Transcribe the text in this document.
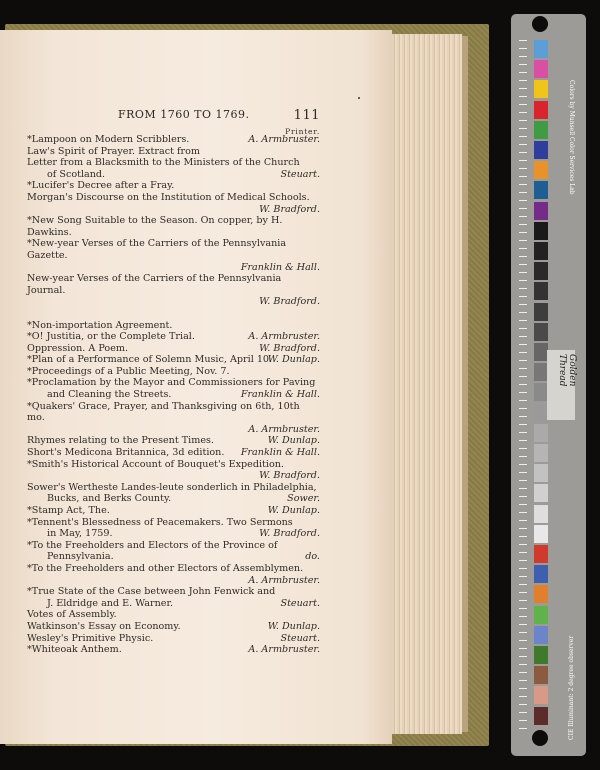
FROM 1760 TO 1769.	111
Printer.
*Lampoon on Modern Scribblers.	A. Armbruster.
Law's Spirit of Prayer. Extract from
Letter from a Blacksmith to the Ministers of the Church
of Scotland.	Steuart.
*Lucifer's Decree after a Fray.
Morgan's Discourse on the Institution of Medical Schools.
W. Bradford.
*New Song Suitable to the Season. On copper, by H. Dawkins.
*New-year Verses of the Carriers of the Pennsylvania Gazette.
Franklin & Hall.
New-year Verses of the Carriers of the Pennsylvania Journal.
W. Bradford.
*Non-importation Agreement.
*O! Justitia, or the Complete Trial.	A. Armbruster.
Oppression. A Poem.	W. Bradford.
*Plan of a Performance of Solemn Music, April 10.
W. Dunlap.
*Proceedings of a Public Meeting, Nov. 7.
*Proclamation by the Mayor and Commissioners for Paving
and Cleaning the Streets.	Franklin & Hall.
*Quakers' Grace, Prayer, and Thanksgiving on 6th, 10th mo.
A. Armbruster.
Rhymes relating to the Present Times.	W. Dunlap.
Short's Medicona Britannica, 3d edition.	Franklin & Hall.
*Smith's Historical Account of Bouquet's Expedition.
W. Bradford.
Sower's Wertheste Landes-leute sonderlich in Philadelphia,
Bucks, and Berks County.	Sower.
*Stamp Act, The.	W. Dunlap.
*Tennent's Blessedness of Peacemakers. Two Sermons
in May, 1759.	W. Bradford.
*To the Freeholders and Electors of the Province of
Pennsylvania.	do.
*To the Freeholders and other Electors of Assemblymen.
A. Armbruster.
*True State of the Case between John Fenwick and
J. Eldridge and E. Warner.	Steuart.
Votes of Assembly.
Watkinson's Essay on Economy.	W. Dunlap.
Wesley's Primitive Physic.	Steuart.
*Whiteoak Anthem.	A. Armbruster.
Colors by Munsell Color Services Lab
CIE Illuminant: 2 degree observer
Golden Thread
